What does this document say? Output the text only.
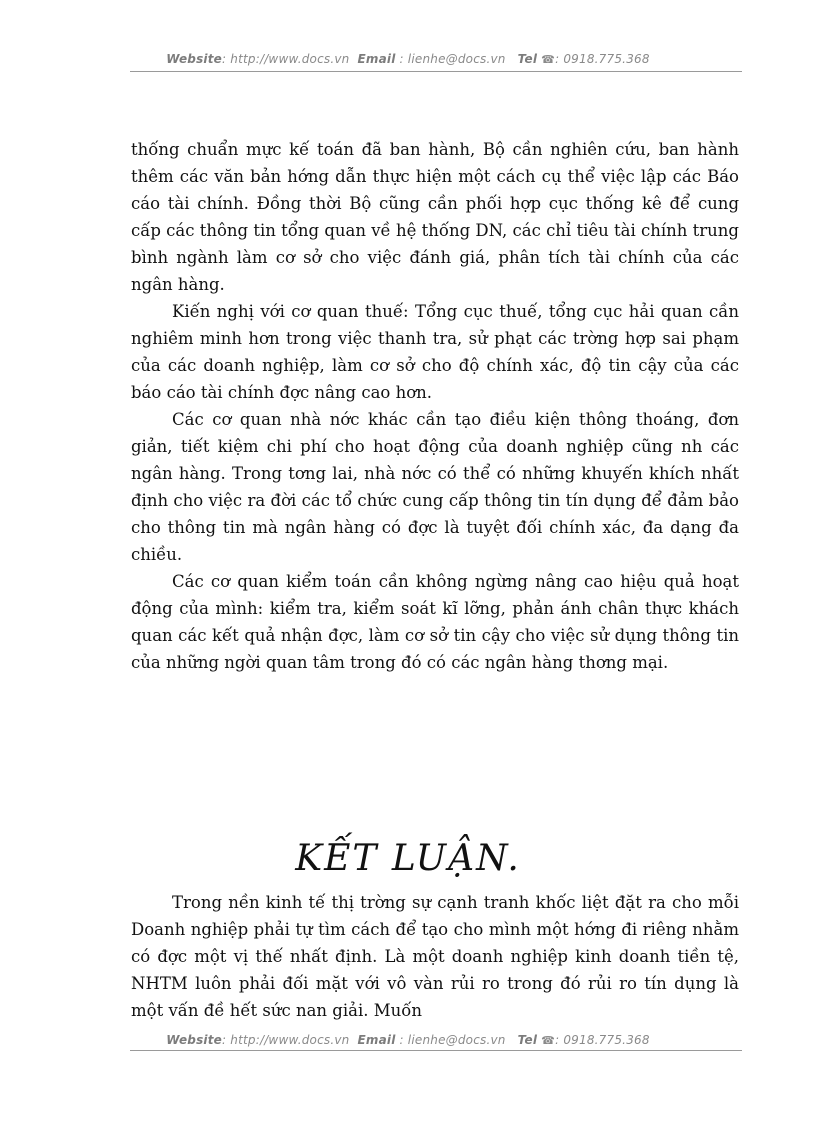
Website: http://www.docs.vn Email : lienhe@docs.vn Tel ☎: 0918.775.368

thống chuẩn mực kế toán đã ban hành, Bộ cần nghiên cứu, ban hành thêm các văn bản hớng dẫn thực hiện một cách cụ thể việc lập các Báo cáo tài chính. Đồng thời Bộ cũng cần phối hợp cục thống kê để cung cấp các thông tin tổng quan về hệ thống DN, các chỉ tiêu tài chính trung bình ngành làm cơ sở cho việc đánh giá, phân tích tài chính của các ngân hàng.

Kiến nghị với cơ quan thuế: Tổng cục thuế, tổng cục hải quan cần nghiêm minh hơn trong việc thanh tra, sử phạt các trờng hợp sai phạm của các doanh nghiệp, làm cơ sở cho độ chính xác, độ tin cậy của các báo cáo tài chính đợc nâng cao hơn.

Các cơ quan nhà nớc khác cần tạo điều kiện thông thoáng, đơn giản, tiết kiệm chi phí cho hoạt động của doanh nghiệp cũng nh các ngân hàng. Trong tơng lai, nhà nớc có thể có những khuyến khích nhất định cho việc ra đời các tổ chức cung cấp thông tin tín dụng để đảm bảo cho thông tin mà ngân hàng có đợc là tuyệt đối chính xác, đa dạng đa chiều.

Các cơ quan kiểm toán cần không ngừng nâng cao hiệu quả hoạt động của mình: kiểm tra, kiểm soát kĩ lỡng, phản ánh chân thực khách quan các kết quả nhận đợc, làm cơ sở tin cậy cho việc sử dụng thông tin của những ngời quan tâm trong đó có các ngân hàng thơng mại.

KẾT LUẬN.

Trong nền kinh tế thị trờng sự cạnh tranh khốc liệt đặt ra cho mỗi Doanh nghiệp phải tự tìm cách để tạo cho mình một hớng đi riêng nhằm có đợc một vị thế nhất định. Là một doanh nghiệp kinh doanh tiền tệ, NHTM luôn phải đối mặt với vô vàn rủi ro trong đó rủi ro tín dụng là một vấn đề hết sức nan giải. Muốn

Website: http://www.docs.vn Email : lienhe@docs.vn Tel ☎: 0918.775.368
